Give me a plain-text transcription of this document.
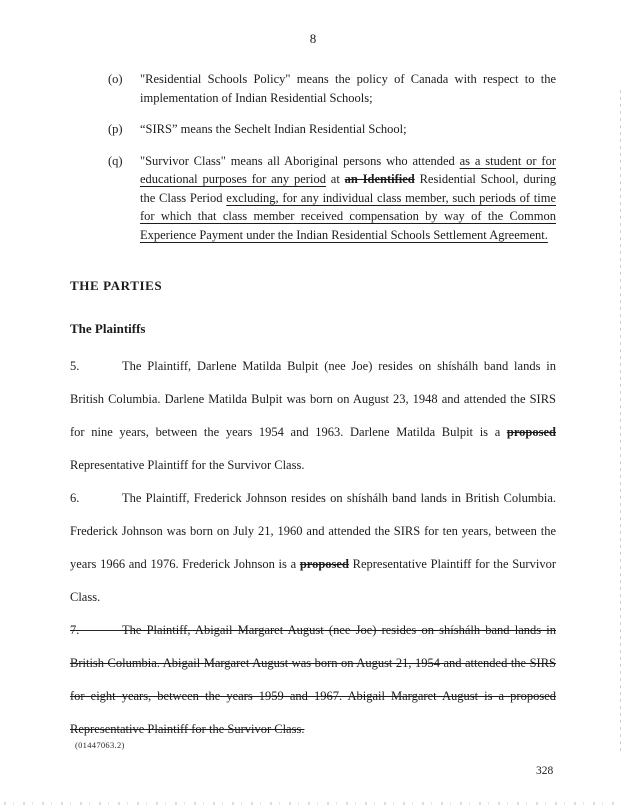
8
(o)	"Residential Schools Policy" means the policy of Canada with respect to the implementation of Indian Residential Schools;
(p)	“SIRS” means the Sechelt Indian Residential School;
(q)	"Survivor Class" means all Aboriginal persons who attended as a student or for educational purposes for any period at an Identified Residential School, during the Class Period excluding, for any individual class member, such periods of time for which that class member received compensation by way of the Common Experience Payment under the Indian Residential Schools Settlement Agreement.
THE PARTIES
The Plaintiffs

5.	The Plaintiff, Darlene Matilda Bulpit (nee Joe) resides on shíshálh band lands in British Columbia. Darlene Matilda Bulpit was born on August 23, 1948 and attended the SIRS for nine years, between the years 1954 and 1963. Darlene Matilda Bulpit is a proposed Representative Plaintiff for the Survivor Class.

6.	The Plaintiff, Frederick Johnson resides on shíshálh band lands in British Columbia. Frederick Johnson was born on July 21, 1960 and attended the SIRS for ten years, between the years 1966 and 1976. Frederick Johnson is a proposed Representative Plaintiff for the Survivor Class.

7.	The Plaintiff, Abigail Margaret August (nee Joe) resides on shíshálh band lands in British Columbia. Abigail Margaret August was born on August 21, 1954 and attended the SIRS for eight years, between the years 1959 and 1967. Abigail Margaret August is a proposed Representative Plaintiff for the Survivor Class.

(01447063.2)
328
